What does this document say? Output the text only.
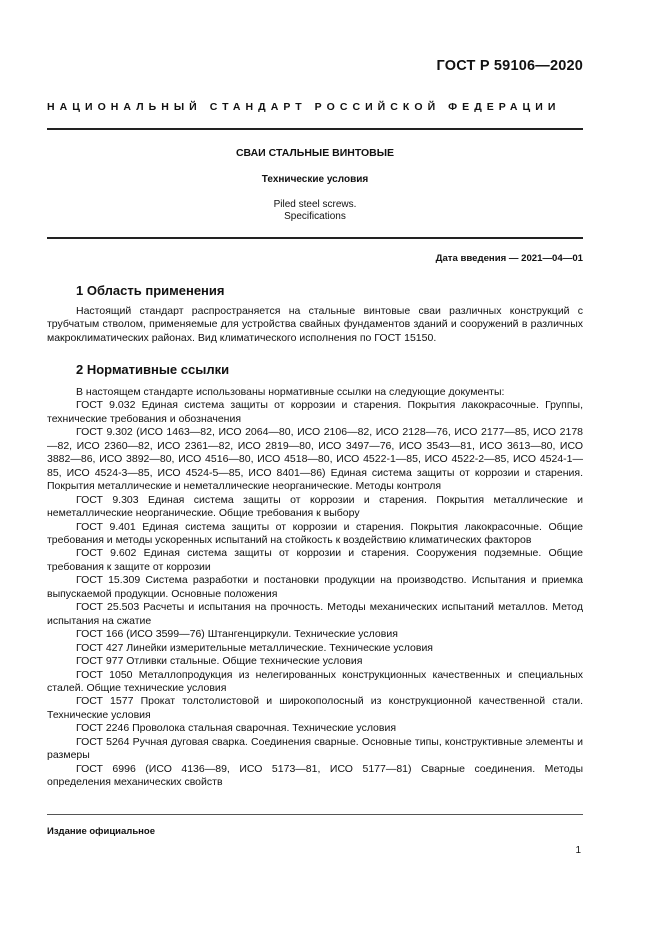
ГОСТ Р 59106—2020
НАЦИОНАЛЬНЫЙ СТАНДАРТ РОССИЙСКОЙ ФЕДЕРАЦИИ
СВАИ СТАЛЬНЫЕ ВИНТОВЫЕ
Технические условия
Piled steel screws.
Specifications
Дата введения — 2021—04—01
1 Область применения

Настоящий стандарт распространяется на стальные винтовые сваи различных конструкций с трубчатым стволом, применяемые для устройства свайных фундаментов зданий и сооружений в различных макроклиматических районах. Вид климатического исполнения по ГОСТ 15150.

2 Нормативные ссылки

В настоящем стандарте использованы нормативные ссылки на следующие документы:

ГОСТ 9.032 Единая система защиты от коррозии и старения. Покрытия лакокрасочные. Группы, технические требования и обозначения

ГОСТ 9.302 (ИСО 1463—82, ИСО 2064—80, ИСО 2106—82, ИСО 2128—76, ИСО 2177—85, ИСО 2178—82, ИСО 2360—82, ИСО 2361—82, ИСО 2819—80, ИСО 3497—76, ИСО 3543—81, ИСО 3613—80, ИСО 3882—86, ИСО 3892—80, ИСО 4516—80, ИСО 4518—80, ИСО 4522-1—85, ИСО 4522-2—85, ИСО 4524-1—85, ИСО 4524-3—85, ИСО 4524-5—85, ИСО 8401—86) Единая система защиты от коррозии и старения. Покрытия металлические и неметаллические неорганические. Методы контроля

ГОСТ 9.303 Единая система защиты от коррозии и старения. Покрытия металлические и неметаллические неорганические. Общие требования к выбору

ГОСТ 9.401 Единая система защиты от коррозии и старения. Покрытия лакокрасочные. Общие требования и методы ускоренных испытаний на стойкость к воздействию климатических факторов

ГОСТ 9.602 Единая система защиты от коррозии и старения. Сооружения подземные. Общие требования к защите от коррозии

ГОСТ 15.309 Система разработки и постановки продукции на производство. Испытания и приемка выпускаемой продукции. Основные положения

ГОСТ 25.503 Расчеты и испытания на прочность. Методы механических испытаний металлов. Метод испытания на сжатие

ГОСТ 166 (ИСО 3599—76) Штангенциркули. Технические условия

ГОСТ 427 Линейки измерительные металлические. Технические условия

ГОСТ 977 Отливки стальные. Общие технические условия

ГОСТ 1050 Металлопродукция из нелегированных конструкционных качественных и специальных сталей. Общие технические условия

ГОСТ 1577 Прокат толстолистовой и широкополосный из конструкционной качественной стали. Технические условия

ГОСТ 2246 Проволока стальная сварочная. Технические условия

ГОСТ 5264 Ручная дуговая сварка. Соединения сварные. Основные типы, конструктивные элементы и размеры

ГОСТ 6996 (ИСО 4136—89, ИСО 5173—81, ИСО 5177—81) Сварные соединения. Методы определения механических свойств

Издание официальное
1
